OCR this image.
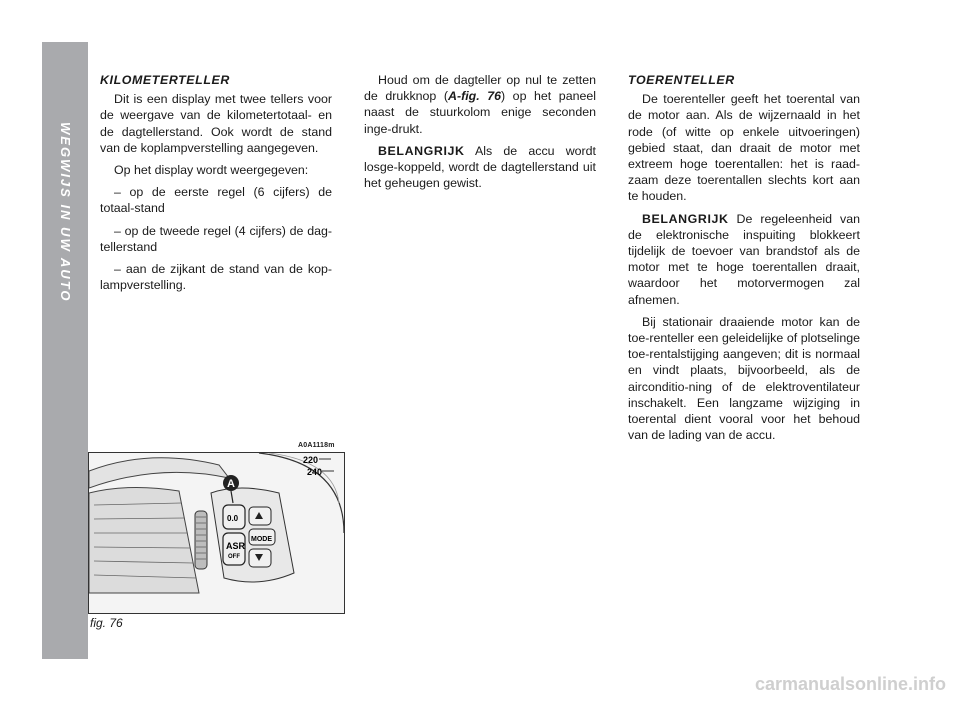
WEGWIJS IN UW AUTO
56
KILOMETERTELLER

Dit is een display met twee tellers voor de weergave van de kilometertotaal- en de dagtellerstand. Ook wordt de stand van de koplampverstelling aangegeven.

Op het display wordt weergegeven:

– op de eerste regel (6 cijfers) de totaal-stand

– op de tweede regel (4 cijfers) de dag-tellerstand

– aan de zijkant de stand van de kop-lampverstelling.

Houd om de dagteller op nul te zetten de drukknop (A-fig. 76) op het paneel naast de stuurkolom enige seconden inge-drukt.

BELANGRIJK Als de accu wordt losge-koppeld, wordt de dagtellerstand uit het geheugen gewist.

TOERENTELLER

De toerenteller geeft het toerental van de motor aan. Als de wijzernaald in het rode (of witte op enkele uitvoeringen) gebied staat, dan draait de motor met extreem hoge toerentallen: het is raad-zaam deze toerentallen slechts kort aan te houden.

BELANGRIJK De regeleenheid van de elektronische inspuiting blokkeert tijdelijk de toevoer van brandstof als de motor met te hoge toerentallen draait, waardoor het motorvermogen zal afnemen.

Bij stationair draaiende motor kan de toe-renteller een geleidelijke of plotselinge toe-rentalstijging aangeven; dit is normaal en vindt plaats, bijvoorbeeld, als de airconditio-ning of de elektroventilateur inschakelt. Een langzame wijziging in toerental dient vooral voor het behoud van de lading van de accu.

A0A1118m
220
240
A
0.0
ASR
OFF
MODE
fig. 76
carmanualsonline.info
